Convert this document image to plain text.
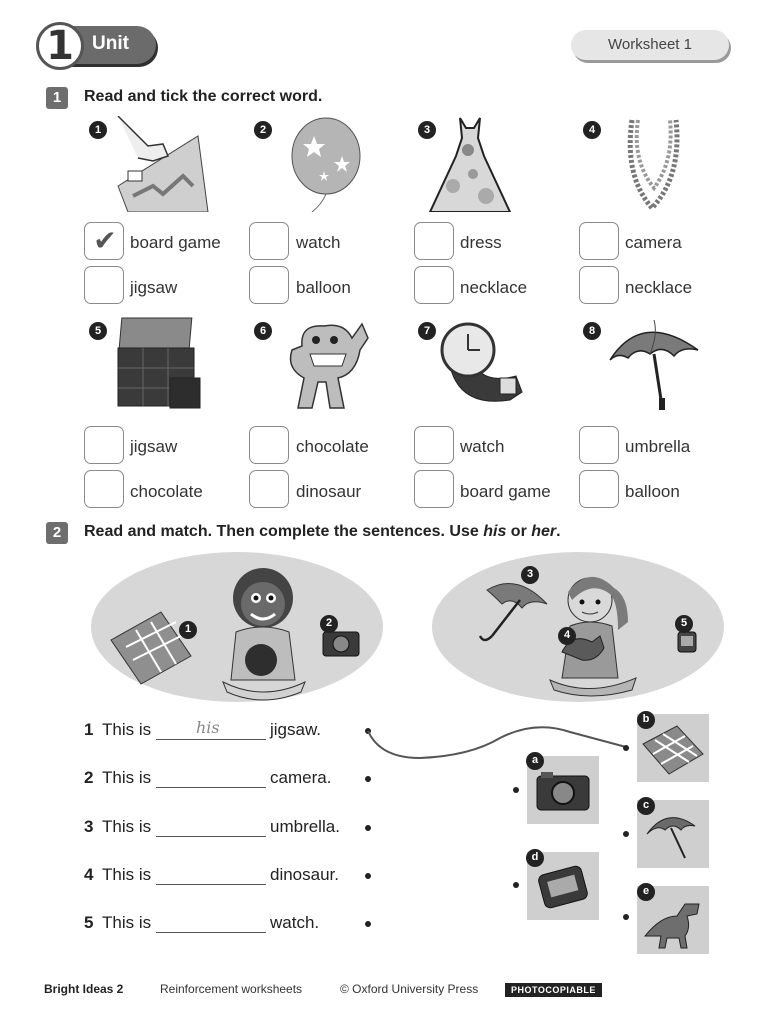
1 Unit	Worksheet 1
1	Read and tick the correct word.
1
✔ board game
jigsaw
2
watch
balloon
3
dress
necklace
4
camera
necklace
5
jigsaw
chocolate
6
chocolate
dinosaur
7
watch
board game
8
umbrella
balloon
2	Read and match. Then complete the sentences. Use his or her.
1	2
3
4
5
1 This is	his	jigsaw.
2 This is	camera.
3 This is	umbrella.
4 This is	dinosaur.
5 This is	watch.
b
a
c
d
e
Bright Ideas 2	Reinforcement worksheets	© Oxford University Press	PHOTOCOPIABLE
